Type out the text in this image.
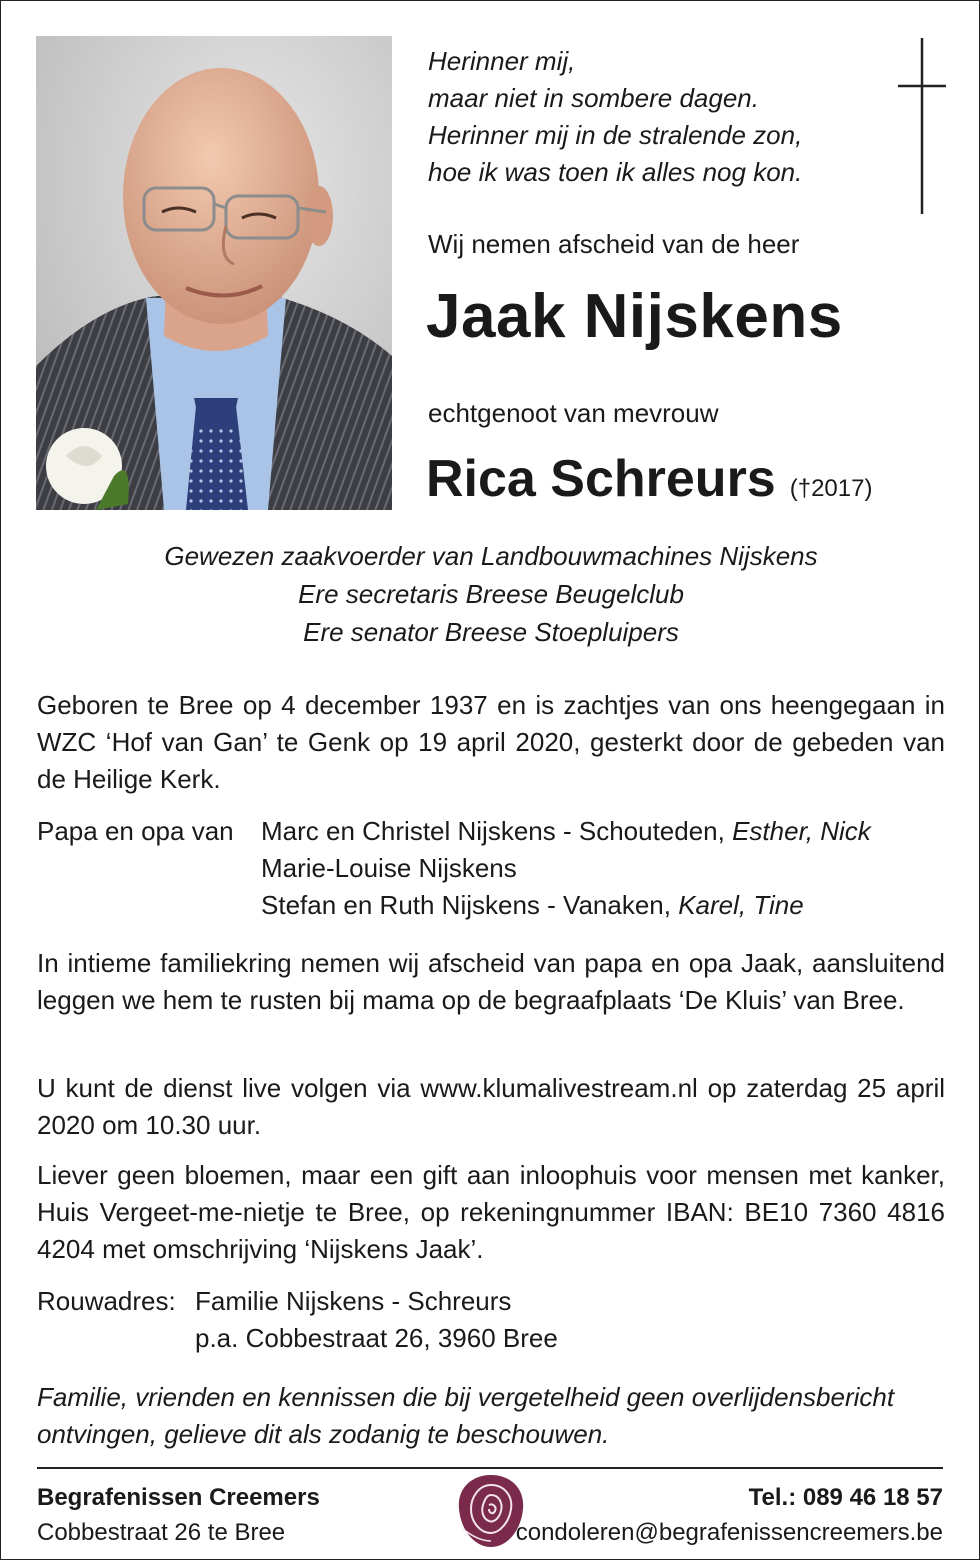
Herinner mij,
maar niet in sombere dagen.
Herinner mij in de stralende zon,
hoe ik was toen ik alles nog kon.
Wij nemen afscheid van de heer
Jaak Nijskens
echtgenoot van mevrouw
Rica Schreurs (†2017)
Gewezen zaakvoerder van Landbouwmachines Nijskens
Ere secretaris Breese Beugelclub
Ere senator Breese Stoepluipers
Geboren te Bree op 4 december 1937 en is zachtjes van ons heengegaan in WZC ‘Hof van Gan’ te Genk op 19 april 2020, gesterkt door de gebeden van de Heilige Kerk.
Papa en opa van Marc en Christel Nijskens - Schouteden, Esther, Nick
Marie-Louise Nijskens
Stefan en Ruth Nijskens - Vanaken, Karel, Tine
In intieme familiekring nemen wij afscheid van papa en opa Jaak, aansluitend leggen we hem te rusten bij mama op de begraafplaats ‘De Kluis’ van Bree.
U kunt de dienst live volgen via www.klumalivestream.nl op zaterdag 25 april 2020 om 10.30 uur.
Liever geen bloemen, maar een gift aan inloophuis voor mensen met kanker, Huis Vergeet-me-nietje te Bree, op rekeningnummer IBAN: BE10 7360 4816 4204 met omschrijving ‘Nijskens Jaak’.
Rouwadres: Familie Nijskens - Schreurs
p.a. Cobbestraat 26, 3960 Bree
Familie, vrienden en kennissen die bij vergetelheid geen overlijdensbericht
ontvingen, gelieve dit als zodanig te beschouwen.
Begrafenissen Creemers
Cobbestraat 26 te Bree
Tel.: 089 46 18 57
condoleren@begrafenissencreemers.be
